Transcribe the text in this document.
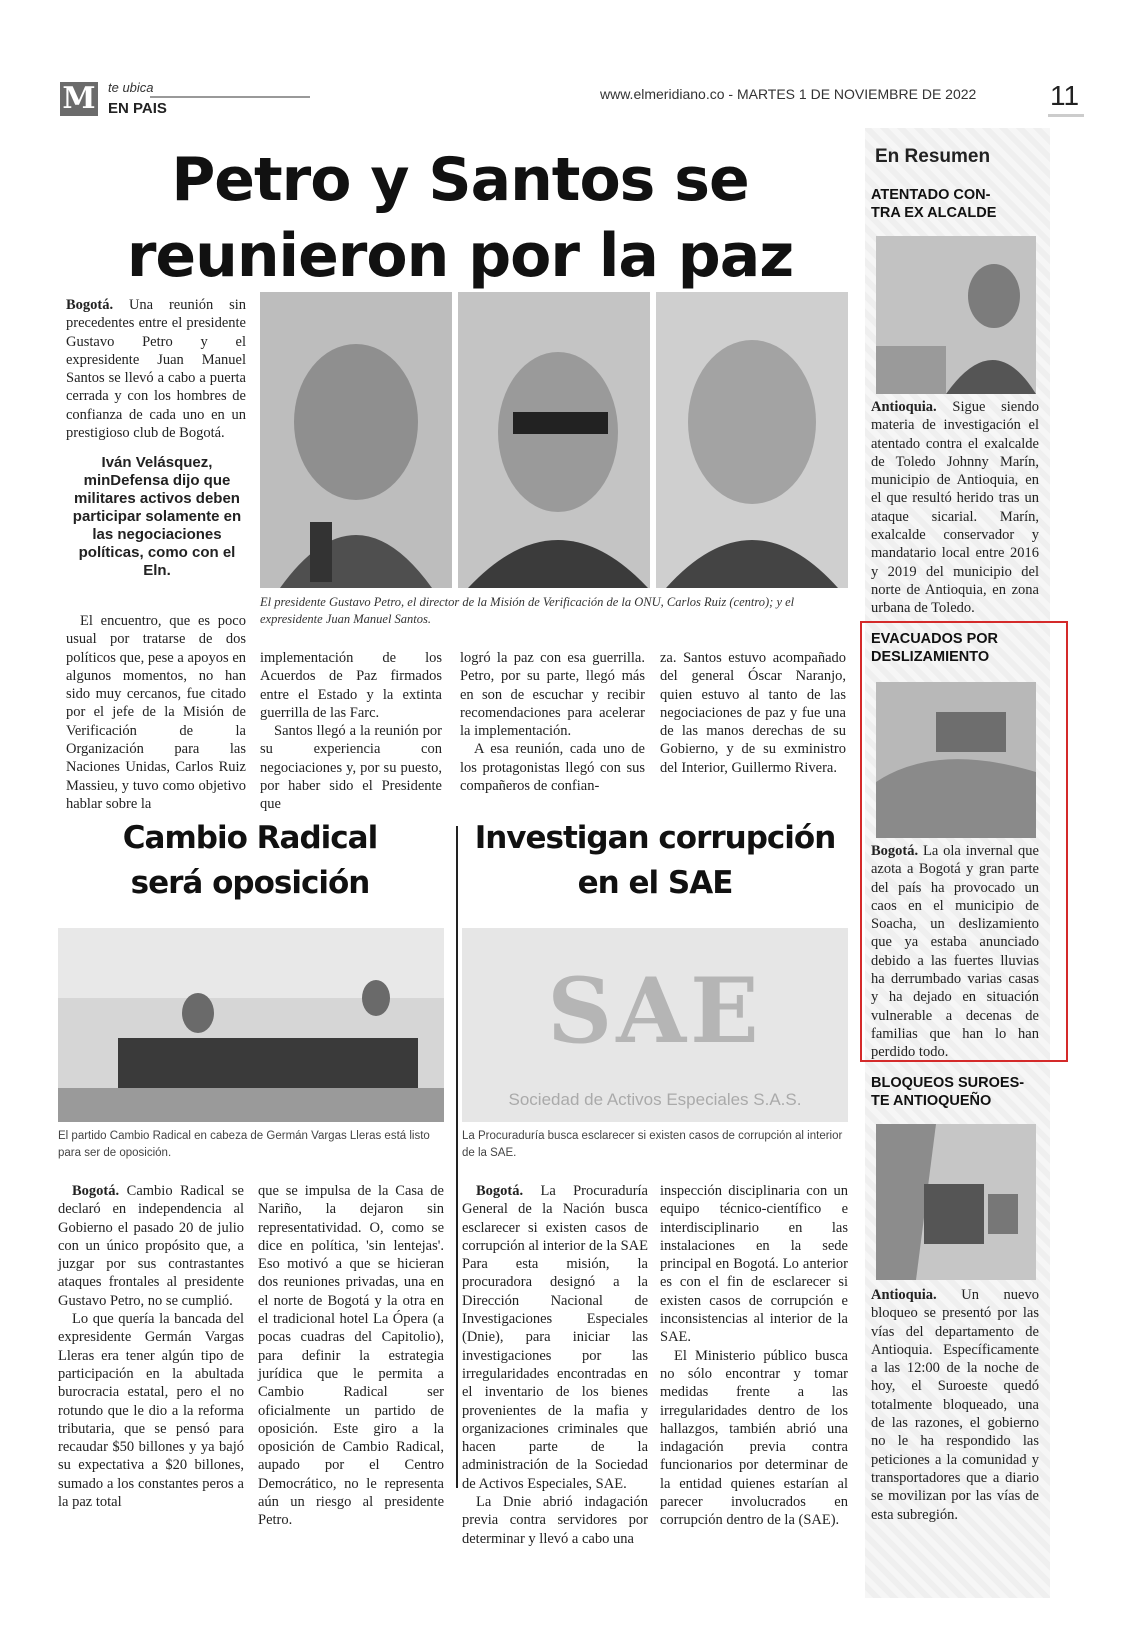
M te ubica
EN PAIS
www.elmeridiano.co - MARTES 1 DE NOVIEMBRE DE 2022	11
Petro y Santos se
reunieron por la paz

Bogotá. Una reunión sin precedentes entre el presidente Gustavo Petro y el expresidente Juan Manuel Santos se llevó a cabo a puerta cerrada y con los hombres de confianza de cada uno en un prestigioso club de Bogotá.

Iván Velásquez, minDefensa dijo que militares activos deben participar solamente en las negociaciones políticas, como con el Eln.
El presidente Gustavo Petro, el director de la Misión de Verificación de la ONU, Carlos Ruiz (centro); y el expresidente Juan Manuel Santos.

El encuentro, que es poco usual por tratarse de dos políticos que, pese a apoyos en algunos momentos, no han sido muy cercanos, fue citado por el jefe de la Misión de Verificación de la Organización para las Naciones Unidas, Carlos Ruiz Massieu, y tuvo como objetivo hablar sobre la

implementación de los Acuerdos de Paz firmados entre el Estado y la extinta guerrilla de las Farc.

Santos llegó a la reunión por su experiencia con negociaciones y, por su puesto, por haber sido el Presidente que

logró la paz con esa guerrilla. Petro, por su parte, llegó más en son de escuchar y recibir recomendaciones para acelerar la implementación.

A esa reunión, cada uno de los protagonistas llegó con sus compañeros de confian-

za. Santos estuvo acompañado del general Óscar Naranjo, quien estuvo al tanto de las negociaciones de paz y fue una de las manos derechas de su Gobierno, y de su exministro del Interior, Guillermo Rivera.

Cambio Radical
será oposición
El partido Cambio Radical en cabeza de Germán Vargas Lleras está listo para ser de oposición.

Bogotá. Cambio Radical se declaró en independencia al Gobierno el pasado 20 de julio con un único propósito que, a juzgar por sus contrastantes ataques frontales al presidente Gustavo Petro, no se cumplió.

Lo que quería la bancada del expresidente Germán Vargas Lleras era tener algún tipo de participación en la abultada burocracia estatal, pero el no rotundo que le dio a la reforma tributaria, que se pensó para recaudar $50 billones y ya bajó su expectativa a $20 billones, sumado a los constantes peros a la paz total

que se impulsa de la Casa de Nariño, la dejaron sin representatividad. O, como se dice en política, 'sin lentejas'. Eso motivó a que se hicieran dos reuniones privadas, una en el norte de Bogotá y la otra en el tradicional hotel La Ópera (a pocas cuadras del Capitolio), para definir la estrategia jurídica que le permita a Cambio Radical ser oficialmente un partido de oposición. Este giro a la oposición de Cambio Radical, aupado por el Centro Democrático, no le representa aún un riesgo al presidente Petro.

Investigan corrupción
en el SAE
SAE
Sociedad de Activos Especiales S.A.S.
La Procuraduría busca esclarecer si existen casos de corrupción al interior de la SAE.

Bogotá. La Procuraduría General de la Nación busca esclarecer si existen casos de corrupción al interior de la SAE Para esta misión, la procuradora designó a la Dirección Nacional de Investigaciones Especiales (Dnie), para iniciar las investigaciones por las irregularidades encontradas en el inventario de los bienes provenientes de la mafia y organizaciones criminales que hacen parte de la administración de la Sociedad de Activos Especiales, SAE.

La Dnie abrió indagación previa contra servidores por determinar y llevó a cabo una

inspección disciplinaria con un equipo técnico-científico e interdisciplinario en las instalaciones en la sede principal en Bogotá. Lo anterior es con el fin de esclarecer si existen casos de corrupción e inconsistencias al interior de la SAE.

El Ministerio público busca no sólo encontrar y tomar medidas frente a las irregularidades dentro de los hallazgos, también abrió una indagación previa contra funcionarios por determinar de la entidad quienes estarían al parecer involucrados en corrupción dentro de la (SAE).

En Resumen
ATENTADO CON-
TRA EX ALCALDE

Antioquia. Sigue siendo materia de investigación el atentado contra el exalcalde de Toledo Johnny Marín, municipio de Antioquia, en el que resultó herido tras un ataque sicarial. Marín, exalcalde conservador y mandatario local entre 2016 y 2019 del municipio del norte de Antioquia, en zona urbana de Toledo.

EVACUADOS POR
DESLIZAMIENTO

Bogotá. La ola invernal que azota a Bogotá y gran parte del país ha provocado un caos en el municipio de Soacha, un deslizamiento que ya estaba anunciado debido a las fuertes lluvias ha derrumbado varias casas y ha dejado en situación vulnerable a decenas de familias que han lo han perdido todo.

BLOQUEOS SUROES-
TE ANTIOQUEÑO

Antioquia. Un nuevo bloqueo se presentó por las vías del departamento de Antioquia. Específicamente a las 12:00 de la noche de hoy, el Suroeste quedó totalmente bloqueado, una de las razones, el gobierno no le ha respondido las peticiones a la comunidad y transportadores que a diario se movilizan por las vías de esta subregión.
